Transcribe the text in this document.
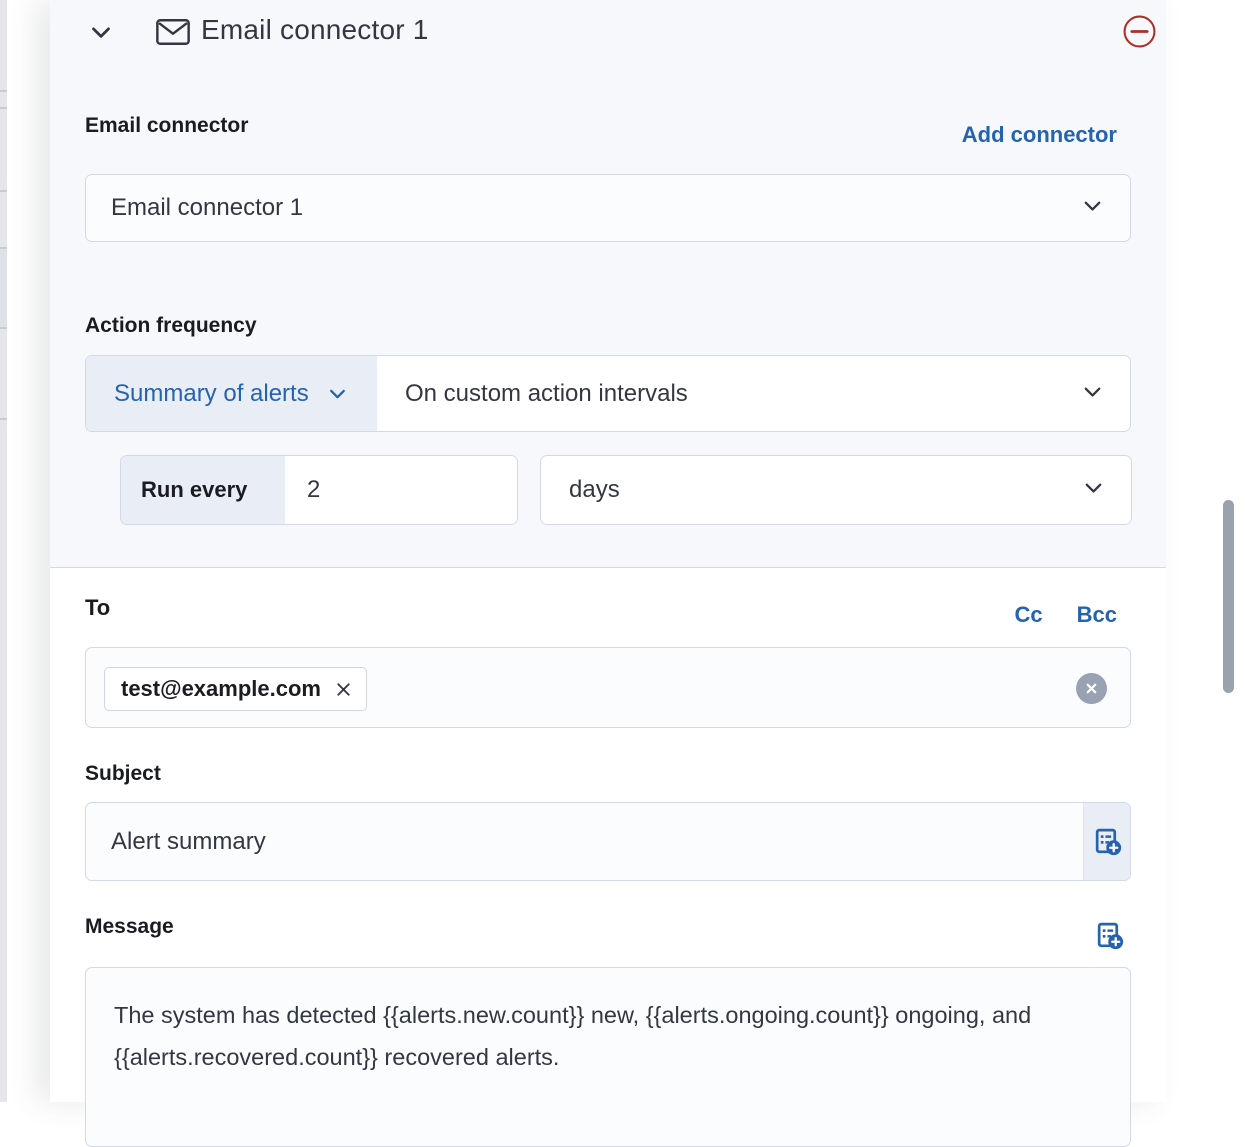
Email connector 1
Email connector	Add connector
Email connector 1
Action frequency
Summary of alerts	On custom action intervals
Run every
2	days
To	Cc Bcc
test@example.com
Subject
Alert summary
Message
The system has detected {{alerts.new.count}} new, {{alerts.ongoing.count}} ongoing, and {{alerts.recovered.count}} recovered alerts.
